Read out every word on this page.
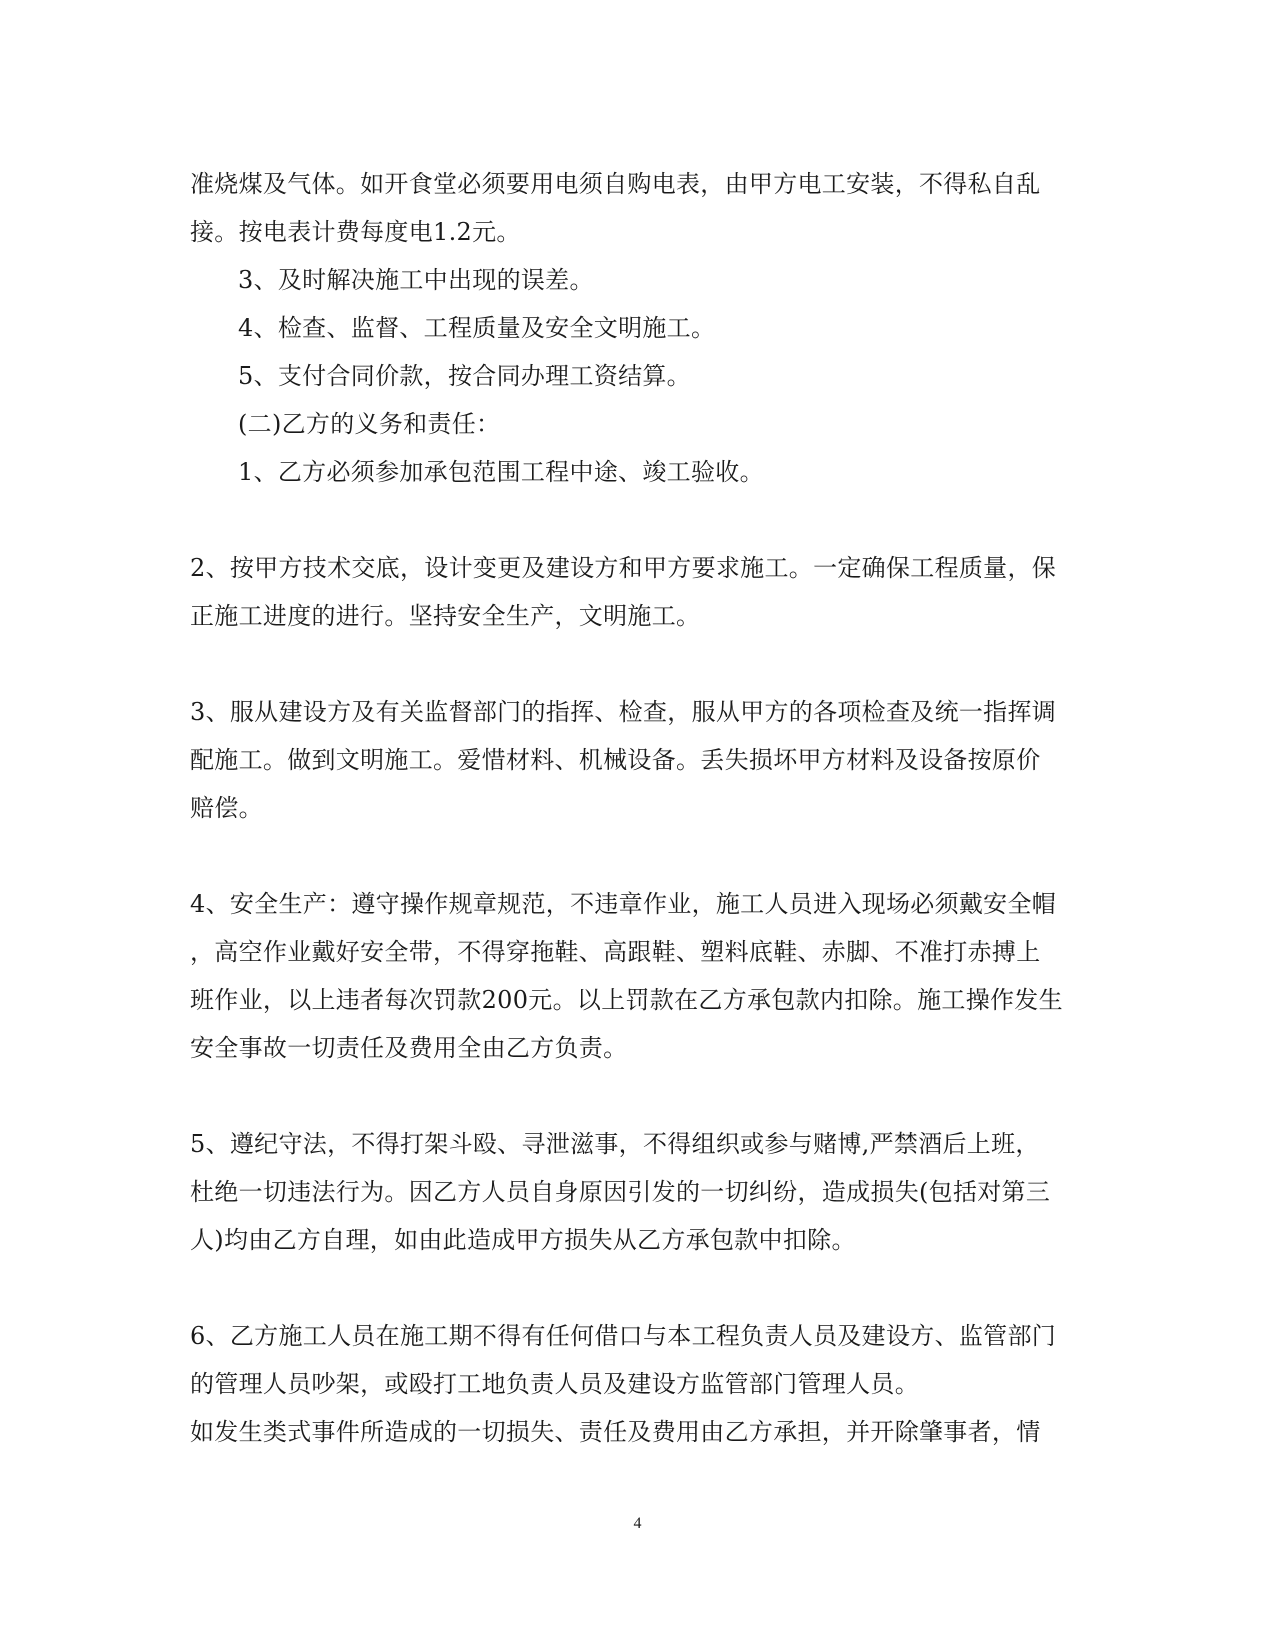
准烧煤及气体。如开食堂必须要用电须自购电表，由甲方电工安装，不得私自乱
接。按电表计费每度电1.2元。
3、及时解决施工中出现的误差。
4、检查、监督、工程质量及安全文明施工。
5、支付合同价款，按合同办理工资结算。
(二)乙方的义务和责任：
1、乙方必须参加承包范围工程中途、竣工验收。
2、按甲方技术交底，设计变更及建设方和甲方要求施工。一定确保工程质量，保
正施工进度的进行。坚持安全生产，文明施工。
3、服从建设方及有关监督部门的指挥、检查，服从甲方的各项检查及统一指挥调
配施工。做到文明施工。爱惜材料、机械设备。丢失损坏甲方材料及设备按原价
赔偿。
4、安全生产：遵守操作规章规范，不违章作业，施工人员进入现场必须戴安全帽
，高空作业戴好安全带，不得穿拖鞋、高跟鞋、塑料底鞋、赤脚、不准打赤搏上
班作业，以上违者每次罚款200元。以上罚款在乙方承包款内扣除。施工操作发生
安全事故一切责任及费用全由乙方负责。
5、遵纪守法，不得打架斗殴、寻泄滋事，不得组织或参与赌博,严禁酒后上班，
杜绝一切违法行为。因乙方人员自身原因引发的一切纠纷，造成损失(包括对第三
人)均由乙方自理，如由此造成甲方损失从乙方承包款中扣除。
6、乙方施工人员在施工期不得有任何借口与本工程负责人员及建设方、监管部门
的管理人员吵架，或殴打工地负责人员及建设方监管部门管理人员。
如发生类式事件所造成的一切损失、责任及费用由乙方承担，并开除肇事者，情
4
